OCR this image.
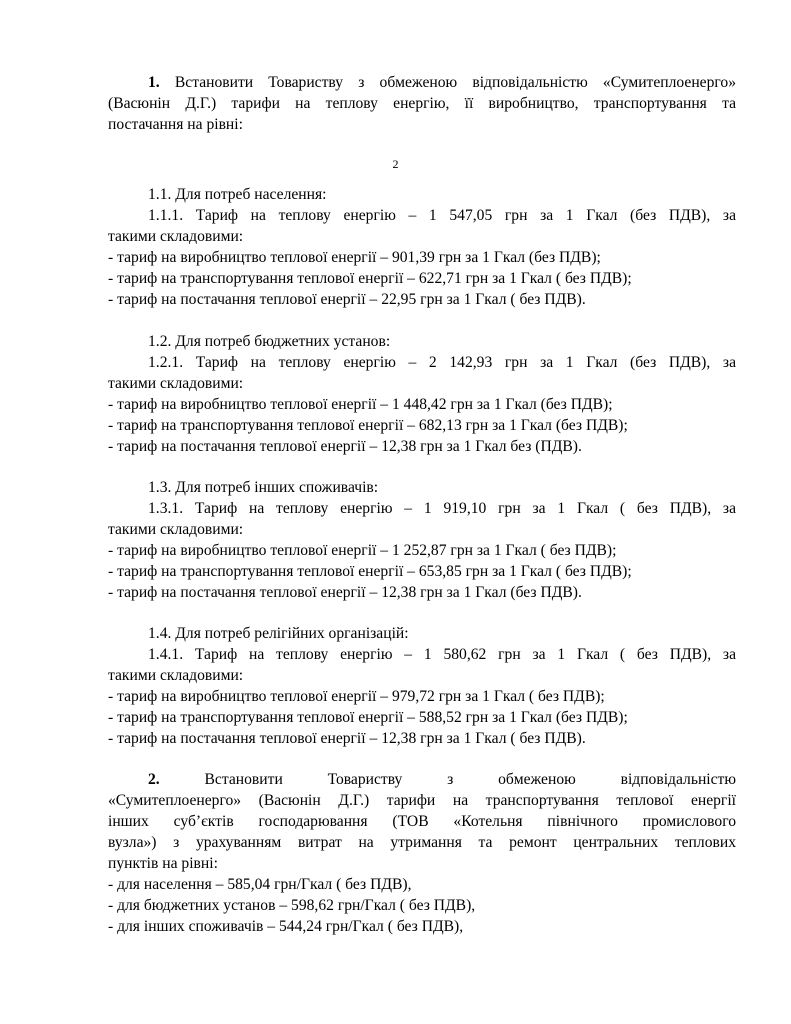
1. Встановити Товариству з обмеженою відповідальністю «Сумитеплоенерго»
(Васюнін Д.Г.) тарифи на теплову енергію, її виробництво, транспортування та
постачання на рівні:
2
1.1. Для потреб населення:
1.1.1. Тариф на теплову енергію – 1 547,05 грн за 1 Гкал (без ПДВ), за
такими складовими:
- тариф на виробництво теплової енергії – 901,39 грн за 1 Гкал (без ПДВ);
- тариф на транспортування теплової енергії – 622,71 грн за 1 Гкал ( без ПДВ);
- тариф на постачання теплової енергії – 22,95 грн за 1 Гкал ( без ПДВ).
1.2. Для потреб бюджетних установ:
1.2.1. Тариф на теплову енергію – 2 142,93 грн за 1 Гкал (без ПДВ), за
такими складовими:
- тариф на виробництво теплової енергії – 1 448,42 грн за 1 Гкал (без ПДВ);
- тариф на транспортування теплової енергії – 682,13 грн за 1 Гкал (без ПДВ);
- тариф на постачання теплової енергії – 12,38 грн за 1 Гкал без (ПДВ).
1.3. Для потреб інших споживачів:
1.3.1. Тариф на теплову енергію – 1 919,10 грн за 1 Гкал ( без ПДВ), за
такими складовими:
- тариф на виробництво теплової енергії – 1 252,87 грн за 1 Гкал ( без ПДВ);
- тариф на транспортування теплової енергії – 653,85 грн за 1 Гкал ( без ПДВ);
- тариф на постачання теплової енергії – 12,38 грн за 1 Гкал (без ПДВ).
1.4. Для потреб релігійних організацій:
1.4.1. Тариф на теплову енергію – 1 580,62 грн за 1 Гкал ( без ПДВ), за
такими складовими:
- тариф на виробництво теплової енергії – 979,72 грн за 1 Гкал ( без ПДВ);
- тариф на транспортування теплової енергії – 588,52 грн за 1 Гкал (без ПДВ);
- тариф на постачання теплової енергії – 12,38 грн за 1 Гкал ( без ПДВ).
2.	Встановити Товариству з обмеженою відповідальністю
«Сумитеплоенерго» (Васюнін Д.Г.) тарифи на транспортування теплової енергії
інших суб’єктів господарювання (ТОВ «Котельня північного промислового
вузла») з урахуванням витрат на утримання та ремонт центральних теплових
пунктів на рівні:
- для населення – 585,04 грн/Гкал ( без ПДВ),
- для бюджетних установ – 598,62 грн/Гкал ( без ПДВ),
- для інших споживачів – 544,24 грн/Гкал ( без ПДВ),
